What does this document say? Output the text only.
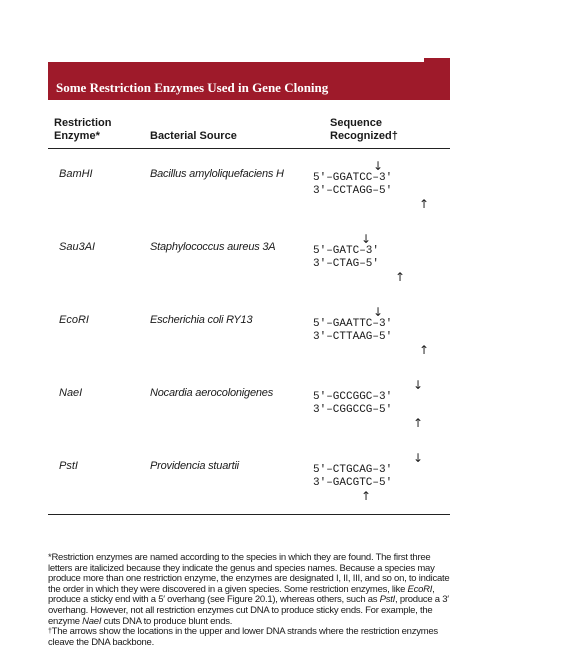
Some Restriction Enzymes Used in Gene Cloning
Restriction
Enzyme*	Bacterial Source
Sequence
Recognized†
BamHI	Bacillus amyloliquefaciens H
↓
5′–GGATCC–3′
3′–CCTAGG–5′
↑
Sau3AI	Staphylococcus aureus 3A
↓
5′–GATC–3′
3′–CTAG–5′
↑
EcoRI	Escherichia coli RY13
↓
5′–GAATTC–3′
3′–CTTAAG–5′
↑
NaeI	Nocardia aerocolonigenes
↓
5′–GCCGGC–3′
3′–CGGCCG–5′
↑
PstI	Providencia stuartii
↓
5′–CTGCAG–3′
3′–GACGTC–5′
↑

*Restriction enzymes are named according to the species in which they are found. The first three letters are italicized because they indicate the genus and species names. Because a species may produce more than one restriction enzyme, the enzymes are designated I, II, III, and so on, to indicate the order in which they were discovered in a given species. Some restriction enzymes, like EcoRI, produce a sticky end with a 5′ overhang (see Figure 20.1), whereas others, such as PstI, produce a 3′ overhang. However, not all restriction enzymes cut DNA to produce sticky ends. For example, the enzyme NaeI cuts DNA to produce blunt ends.

†The arrows show the locations in the upper and lower DNA strands where the restriction enzymes cleave the DNA backbone.
